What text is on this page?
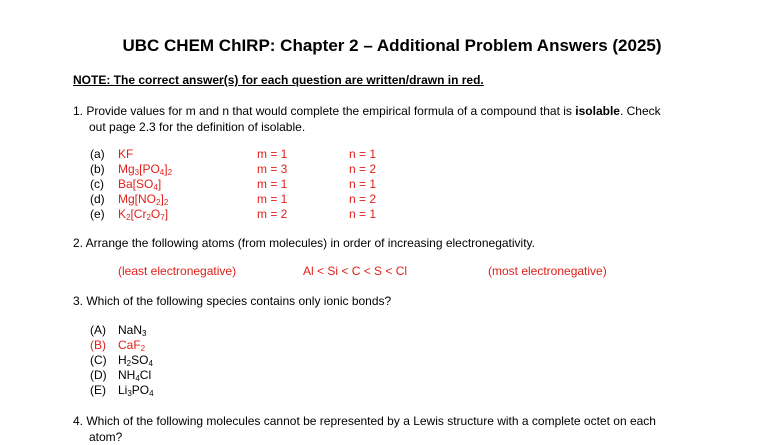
UBC CHEM ChIRP: Chapter 2 – Additional Problem Answers (2025)
NOTE: The correct answer(s) for each question are written/drawn in red.
1. Provide values for m and n that would complete the empirical formula of a compound that is isolable. Check
out page 2.3 for the definition of isolable.
(a) KF	m = 1	n = 1
(b) $Mg_3[PO_4]_2$	m = 3	n = 2
(c) $Ba[SO_4]$	m = 1	n = 1
(d) $Mg[NO_2]_2$	m = 1	n = 2
(e) $K_2[Cr_2O_7]$	m = 2	n = 1
2. Arrange the following atoms (from molecules) in order of increasing electronegativity.
(least electronegative)	Al < Si < C < S < Cl	(most electronegative)
3. Which of the following species contains only ionic bonds?
(A) NaN$_3$
(B) CaF$_2$
(C) $H_2SO_4$
(D) $NH_4Cl$
(E) $Li_3PO_4$
4. Which of the following molecules cannot be represented by a Lewis structure with a complete octet on each
atom?
